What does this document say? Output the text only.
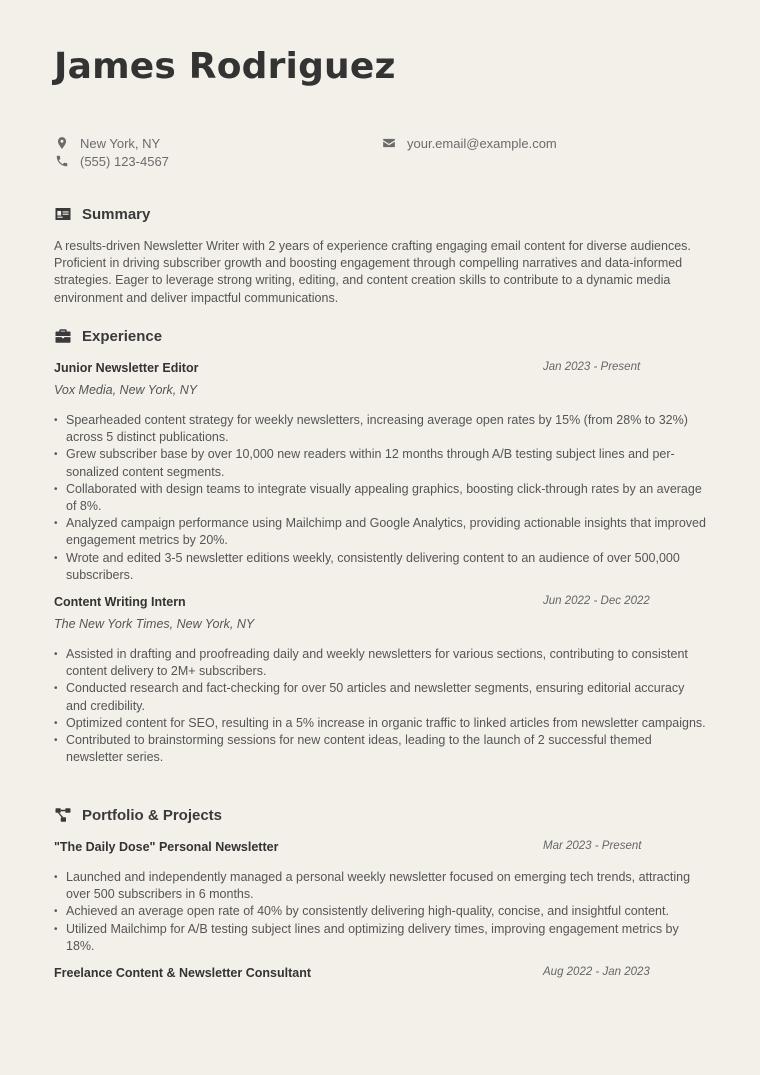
James Rodriguez
New York, NY
(555) 123-4567
your.email@example.com
Summary

A results-driven Newsletter Writer with 2 years of experience crafting engaging email content for diverse audiences. Proficient in driving subscriber growth and boosting engagement through compelling narratives and data-informed strategies. Eager to leverage strong writing, editing, and content creation skills to contribute to a dynamic media environment and deliver impactful communications.

Experience
Junior Newsletter Editor	Jan 2023 - Present
Vox Media, New York, NY
• Spearheaded content strategy for weekly newsletters, increasing average open rates by 15% (from 28% to 32%) across 5 distinct publications.
• Grew subscriber base by over 10,000 new readers within 12 months through A/B testing subject lines and personalized content segments.
• Collaborated with design teams to integrate visually appealing graphics, boosting click-through rates by an average of 8%.
• Analyzed campaign performance using Mailchimp and Google Analytics, providing actionable insights that improved engagement metrics by 20%.
• Wrote and edited 3-5 newsletter editions weekly, consistently delivering content to an audience of over 500,000 subscribers.
Content Writing Intern	Jun 2022 - Dec 2022
The New York Times, New York, NY
• Assisted in drafting and proofreading daily and weekly newsletters for various sections, contributing to consistent content delivery to 2M+ subscribers.
• Conducted research and fact-checking for over 50 articles and newsletter segments, ensuring editorial accuracy and credibility.
• Optimized content for SEO, resulting in a 5% increase in organic traffic to linked articles from newsletter campaigns.
• Contributed to brainstorming sessions for new content ideas, leading to the launch of 2 successful themed newsletter series.
Portfolio & Projects
"The Daily Dose" Personal Newsletter	Mar 2023 - Present
• Launched and independently managed a personal weekly newsletter focused on emerging tech trends, attracting over 500 subscribers in 6 months.
• Achieved an average open rate of 40% by consistently delivering high-quality, concise, and insightful content.
• Utilized Mailchimp for A/B testing subject lines and optimizing delivery times, improving engagement metrics by 18%.
Freelance Content & Newsletter Consultant	Aug 2022 - Jan 2023
